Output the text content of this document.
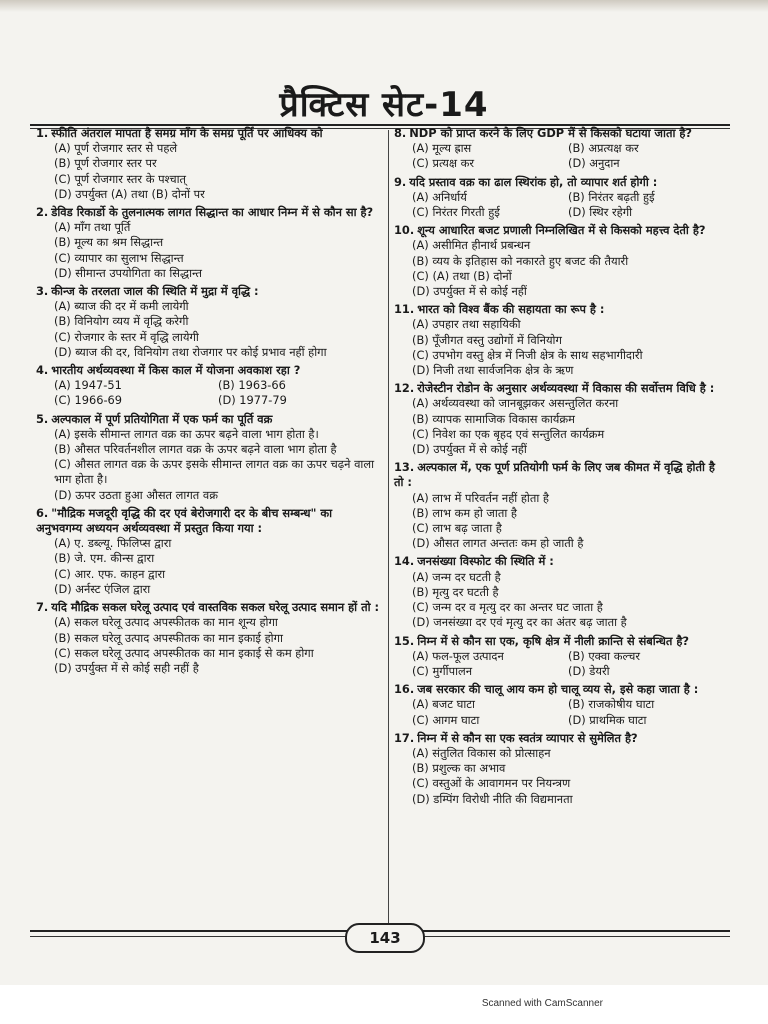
प्रैक्टिस सेट-14
1. स्फीति अंतराल मापता है समग्र माँग के समग्र पूर्ति पर आधिक्य को
(A) पूर्ण रोजगार स्तर से पहले
(B) पूर्ण रोजगार स्तर पर
(C) पूर्ण रोजगार स्तर के पश्चात्
(D) उपर्युक्त (A) तथा (B) दोनों पर
2. डेविड रिकार्डो के तुलनात्मक लागत सिद्धान्त का आधार निम्न में से कौन सा है?
(A) माँग तथा पूर्ति
(B) मूल्य का श्रम सिद्धान्त
(C) व्यापार का सुलाभ सिद्धान्त
(D) सीमान्त उपयोगिता का सिद्धान्त
3. कीन्ज के तरलता जाल की स्थिति में मुद्रा में वृद्धि :
(A) ब्याज की दर में कमी लायेगी
(B) विनियोग व्यय में वृद्धि करेगी
(C) रोजगार के स्तर में वृद्धि लायेगी
(D) ब्याज की दर, विनियोग तथा रोजगार पर कोई प्रभाव नहीं होगा
4. भारतीय अर्थव्यवस्था में किस काल में योजना अवकाश रहा ?
(A) 1947-51	(B) 1963-66
(C) 1966-69	(D) 1977-79
5. अल्पकाल में पूर्ण प्रतियोगिता में एक फर्म का पूर्ति वक्र
(A) इसके सीमान्त लागत वक्र का ऊपर बढ़ने वाला भाग होता है।
(B) औसत परिवर्तनशील लागत वक्र के ऊपर बढ़ने वाला भाग होता है
(C) औसत लागत वक्र के ऊपर इसके सीमान्त लागत वक्र का ऊपर चढ़ने वाला भाग होता है।
(D) ऊपर उठता हुआ औसत लागत वक्र
6. "मौद्रिक मजदूरी वृद्धि की दर एवं बेरोजगारी दर के बीच सम्बन्ध" का अनुभवगम्य अध्ययन अर्थव्यवस्था में प्रस्तुत किया गया :
(A) ए. डब्ल्यू. फिलिप्स द्वारा
(B) जे. एम. कीन्स द्वारा
(C) आर. एफ. काहन द्वारा
(D) अर्नस्ट एंजिल द्वारा
7. यदि मौद्रिक सकल घरेलू उत्पाद एवं वास्तविक सकल घरेलू उत्पाद समान हों तो :
(A) सकल घरेलू उत्पाद अपस्फीतक का मान शून्य होगा
(B) सकल घरेलू उत्पाद अपस्फीतक का मान इकाई होगा
(C) सकल घरेलू उत्पाद अपस्फीतक का मान इकाई से कम होगा
(D) उपर्युक्त में से कोई सही नहीं है
8. NDP को प्राप्त करने के लिए GDP में से किसको घटाया जाता है?
(A) मूल्य ह्रास	(B) अप्रत्यक्ष कर
(C) प्रत्यक्ष कर	(D) अनुदान
9. यदि प्रस्ताव वक्र का ढाल स्थिरांक हो, तो व्यापार शर्त होगी :
(A) अनिर्धार्य	(B) निरंतर बढ़ती हुई
(C) निरंतर गिरती हुई	(D) स्थिर रहेगी
10. शून्य आधारित बजट प्रणाली निम्नलिखित में से किसको महत्त्व देती है?
(A) असीमित हीनार्थ प्रबन्धन
(B) व्यय के इतिहास को नकारते हुए बजट की तैयारी
(C) (A) तथा (B) दोनों
(D) उपर्युक्त में से कोई नहीं
11. भारत को विश्व बैंक की सहायता का रूप है :
(A) उपहार तथा सहायिकी
(B) पूँजीगत वस्तु उद्योगों में विनियोग
(C) उपभोग वस्तु क्षेत्र में निजी क्षेत्र के साथ सहभागीदारी
(D) निजी तथा सार्वजनिक क्षेत्र के ऋण
12. रोजेस्टीन रोडोन के अनुसार अर्थव्यवस्था में विकास की सर्वोत्तम विधि है :
(A) अर्थव्यवस्था को जानबूझकर असन्तुलित करना
(B) व्यापक सामाजिक विकास कार्यक्रम
(C) निवेश का एक बृहद एवं सन्तुलित कार्यक्रम
(D) उपर्युक्त में से कोई नहीं
13. अल्पकाल में, एक पूर्ण प्रतियोगी फर्म के लिए जब कीमत में वृद्धि होती है तो :
(A) लाभ में परिवर्तन नहीं होता है
(B) लाभ कम हो जाता है
(C) लाभ बढ़ जाता है
(D) औसत लागत अन्ततः कम हो जाती है
14. जनसंख्या विस्फोट की स्थिति में :
(A) जन्म दर घटती है
(B) मृत्यु दर घटती है
(C) जन्म दर व मृत्यु दर का अन्तर घट जाता है
(D) जनसंख्या दर एवं मृत्यु दर का अंतर बढ़ जाता है
15. निम्न में से कौन सा एक, कृषि क्षेत्र में नीली क्रान्ति से संबन्धित है?
(A) फल-फूल उत्पादन	(B) एक्वा कल्चर
(C) मुर्गीपालन	(D) डेयरी
16. जब सरकार की चालू आय कम हो चालू व्यय से, इसे कहा जाता है :
(A) बजट घाटा	(B) राजकोषीय घाटा
(C) आगम घाटा	(D) प्राथमिक घाटा
17. निम्न में से कौन सा एक स्वतंत्र व्यापार से सुमेलित है?
(A) संतुलित विकास को प्रोत्साहन
(B) प्रशुल्क का अभाव
(C) वस्तुओं के आवागमन पर नियन्त्रण
(D) डम्पिंग विरोधी नीति की विद्यमानता
143
Scanned with CamScanner
